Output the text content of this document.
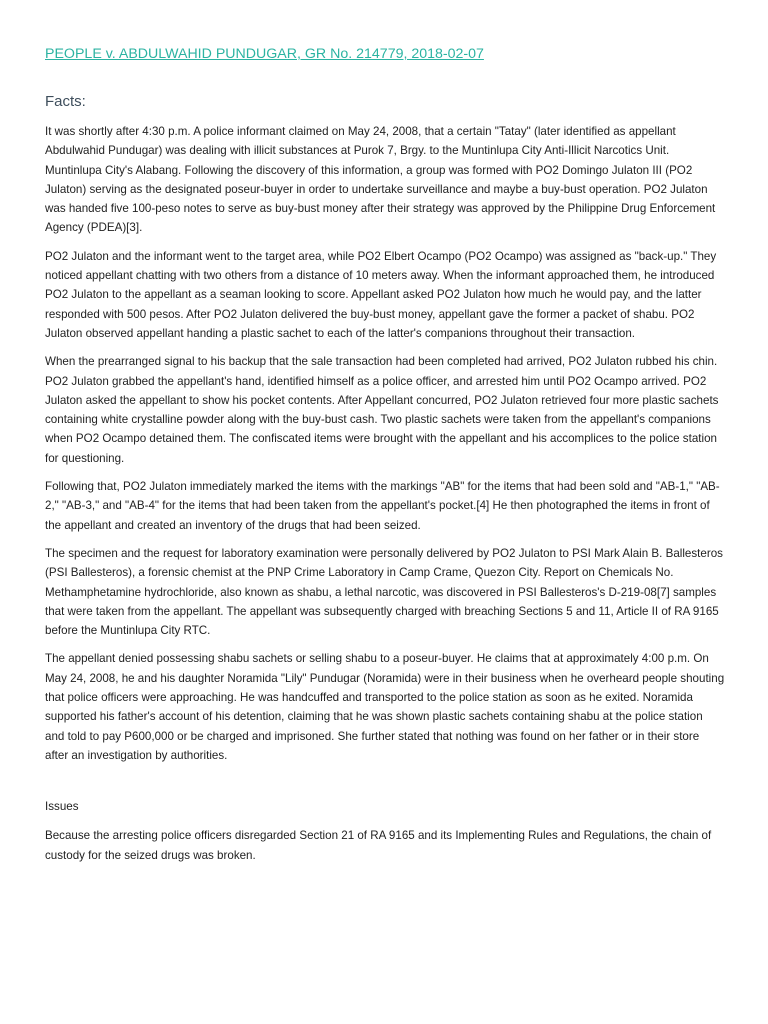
PEOPLE v. ABDULWAHID PUNDUGAR, GR No. 214779, 2018-02-07
Facts:

It was shortly after 4:30 p.m. A police informant claimed on May 24, 2008, that a certain "Tatay" (later identified as appellant Abdulwahid Pundugar) was dealing with illicit substances at Purok 7, Brgy. to the Muntinlupa City Anti-Illicit Narcotics Unit. Muntinlupa City's Alabang. Following the discovery of this information, a group was formed with PO2 Domingo Julaton III (PO2 Julaton) serving as the designated poseur-buyer in order to undertake surveillance and maybe a buy-bust operation. PO2 Julaton was handed five 100-peso notes to serve as buy-bust money after their strategy was approved by the Philippine Drug Enforcement Agency (PDEA)[3].

PO2 Julaton and the informant went to the target area, while PO2 Elbert Ocampo (PO2 Ocampo) was assigned as "back-up." They noticed appellant chatting with two others from a distance of 10 meters away. When the informant approached them, he introduced PO2 Julaton to the appellant as a seaman looking to score. Appellant asked PO2 Julaton how much he would pay, and the latter responded with 500 pesos. After PO2 Julaton delivered the buy-bust money, appellant gave the former a packet of shabu. PO2 Julaton observed appellant handing a plastic sachet to each of the latter's companions throughout their transaction.

When the prearranged signal to his backup that the sale transaction had been completed had arrived, PO2 Julaton rubbed his chin. PO2 Julaton grabbed the appellant's hand, identified himself as a police officer, and arrested him until PO2 Ocampo arrived. PO2 Julaton asked the appellant to show his pocket contents. After Appellant concurred, PO2 Julaton retrieved four more plastic sachets containing white crystalline powder along with the buy-bust cash. Two plastic sachets were taken from the appellant's companions when PO2 Ocampo detained them. The confiscated items were brought with the appellant and his accomplices to the police station for questioning.

Following that, PO2 Julaton immediately marked the items with the markings "AB" for the items that had been sold and "AB-1," "AB-2," "AB-3," and "AB-4" for the items that had been taken from the appellant's pocket.[4] He then photographed the items in front of the appellant and created an inventory of the drugs that had been seized.

The specimen and the request for laboratory examination were personally delivered by PO2 Julaton to PSI Mark Alain B. Ballesteros (PSI Ballesteros), a forensic chemist at the PNP Crime Laboratory in Camp Crame, Quezon City. Report on Chemicals No. Methamphetamine hydrochloride, also known as shabu, a lethal narcotic, was discovered in PSI Ballesteros's D-219-08[7] samples that were taken from the appellant. The appellant was subsequently charged with breaching Sections 5 and 11, Article II of RA 9165 before the Muntinlupa City RTC.

The appellant denied possessing shabu sachets or selling shabu to a poseur-buyer. He claims that at approximately 4:00 p.m. On May 24, 2008, he and his daughter Noramida "Lily" Pundugar (Noramida) were in their business when he overheard people shouting that police officers were approaching. He was handcuffed and transported to the police station as soon as he exited. Noramida supported his father's account of his detention, claiming that he was shown plastic sachets containing shabu at the police station and told to pay P600,000 or be charged and imprisoned. She further stated that nothing was found on her father or in their store after an investigation by authorities.

Issues

Because the arresting police officers disregarded Section 21 of RA 9165 and its Implementing Rules and Regulations, the chain of custody for the seized drugs was broken.
